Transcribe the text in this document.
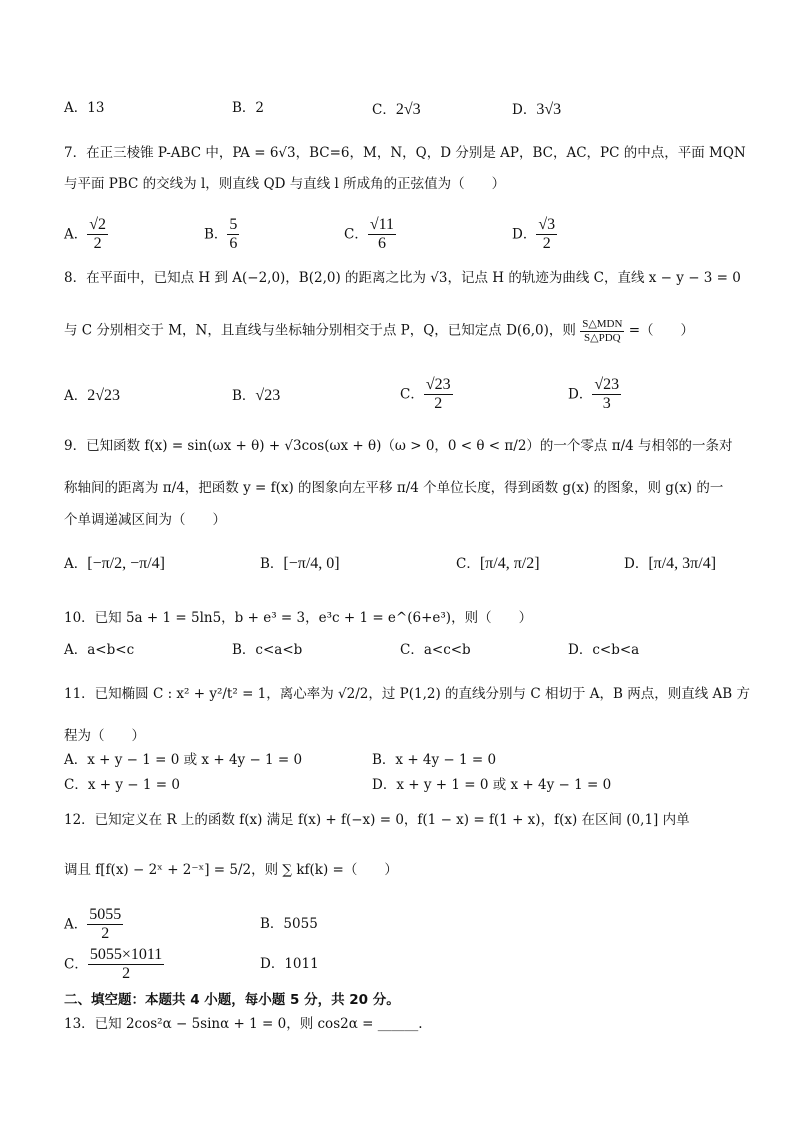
A．13	B．2	C．2√3	D．3√3
7．在正三棱锥 P-ABC 中，PA = 6√3，BC=6，M，N，Q，D 分别是 AP，BC，AC，PC 的中点，平面 MQN
与平面 PBC 的交线为 l，则直线 QD 与直线 l 所成角的正弦值为（　　）
A． $\frac{√2}{2}$	B． $\frac{5}{6}$	C． $\frac{√11}{6}$	D． $\frac{√3}{2}$
8．在平面中，已知点 H 到 A(−2,0)，B(2,0) 的距离之比为 √3，记点 H 的轨迹为曲线 C，直线 x − y − 3 = 0
与 C 分别相交于 M，N，且直线与坐标轴分别相交于点 P，Q，已知定点 D(6,0)，则 $\frac{\text{S△MDN}}{\text{S△PDQ}}$ =（　　）
A．2√23	B．√23	C． $\frac{√23}{2}$	D． $\frac{√23}{3}$
9．已知函数 f(x) = sin(ωx + θ) + √3cos(ωx + θ)（ω > 0，0 < θ < π/2）的一个零点 π/4 与相邻的一条对
称轴间的距离为 π/4，把函数 y = f(x) 的图象向左平移 π/4 个单位长度，得到函数 g(x) 的图象，则 g(x) 的一
个单调递减区间为（　　）
A．[−π/2, −π/4]	B．[−π/4, 0]	C．[π/4, π/2]	D．[π/4, 3π/4]
10．已知 5a + 1 = 5ln5，b + e³ = 3，e³c + 1 = e^(6+e³)，则（　　）
A．a<b<c	B．c<a<b	C．a<c<b	D．c<b<a
11．已知椭圆 C : x² + y²/t² = 1，离心率为 √2/2，过 P(1,2) 的直线分别与 C 相切于 A，B 两点，则直线 AB 方
程为（　　）
A．x + y − 1 = 0 或 x + 4y − 1 = 0	B．x + 4y − 1 = 0
C．x + y − 1 = 0	D．x + y + 1 = 0 或 x + 4y − 1 = 0
12．已知定义在 R 上的函数 f(x) 满足 f(x) + f(−x) = 0，f(1 − x) = f(1 + x)，f(x) 在区间 (0,1] 内单
调且 f[f(x) − 2ˣ + 2⁻ˣ] = 5/2，则 ∑ kf(k) =（　　）
A． $\frac{5055}{2}$	B．5055
C． $\frac{5055\times 1011}{2}$	D．1011
二、填空题：本题共 4 小题，每小题 5 分，共 20 分。
13．已知 2cos²α − 5sinα + 1 = 0，则 cos2α = ______.
